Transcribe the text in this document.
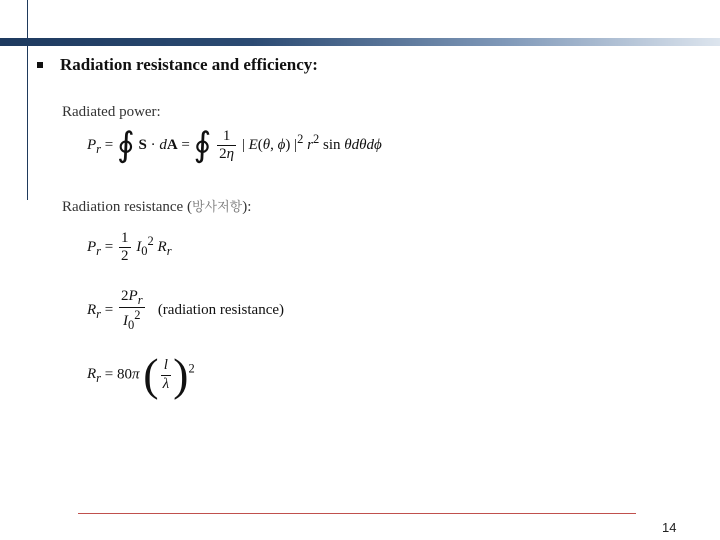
Radiation resistance and efficiency:
Radiated power:
$P_r$ = ∮ S · dA = ∮ $\frac{1}{2\eta}$ | E(θ, ϕ) $|^2$ $r^2$ sin θdθdϕ
Radiation resistance (방사저항):
$P_r = \frac{1}{2} I_0^2$ $R_r$
$R_r = \frac{2P_r}{I_0^2}$ (radiation resistance)
$R_r = 80\pi$ ( $\frac{l}{\lambda} )^2$
14
